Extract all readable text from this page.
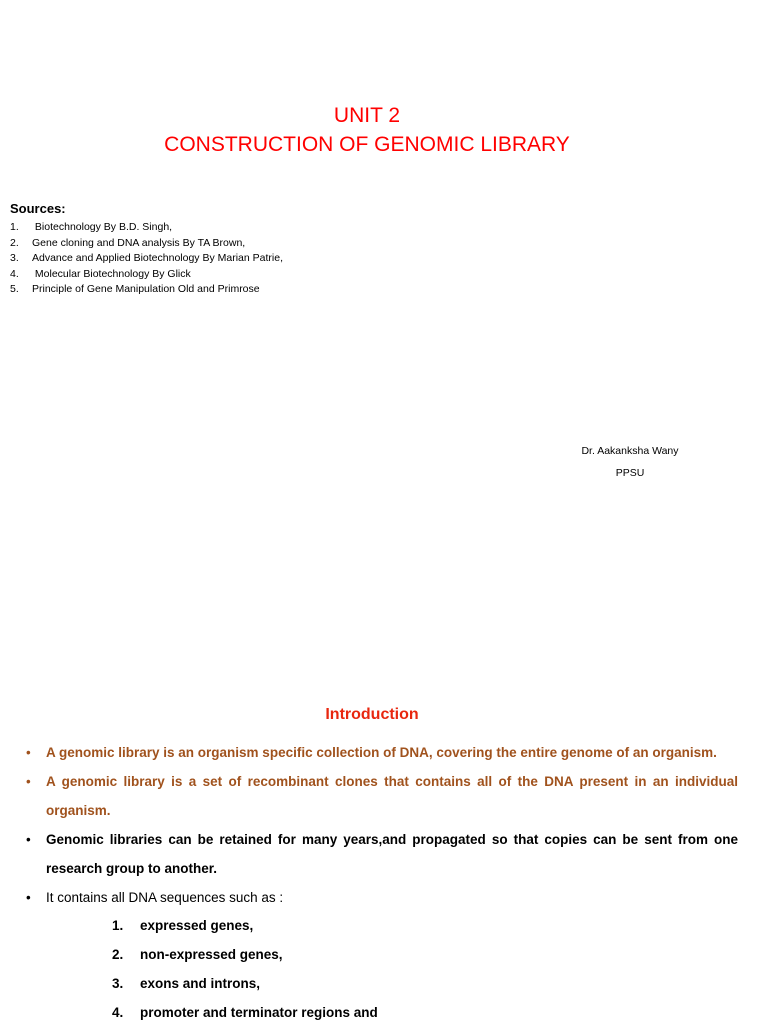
UNIT 2
CONSTRUCTION OF GENOMIC LIBRARY
Sources:
1. Biotechnology By B.D. Singh,
2. Gene cloning and DNA analysis By TA Brown,
3. Advance and Applied Biotechnology By Marian Patrie,
4. Molecular Biotechnology By Glick
5. Principle of Gene Manipulation Old and Primrose
Dr. Aakanksha Wany
PPSU
Introduction
• A genomic library is an organism specific collection of DNA, covering the entire genome of an organism.
• A genomic library is a set of recombinant clones that contains all of the DNA present in an individual organism.
• Genomic libraries can be retained for many years,and propagated so that copies can be sent from one research group to another.
• It contains all DNA sequences such as :
1. expressed genes,
2. non-expressed genes,
3. exons and introns,
4. promoter and terminator regions and
